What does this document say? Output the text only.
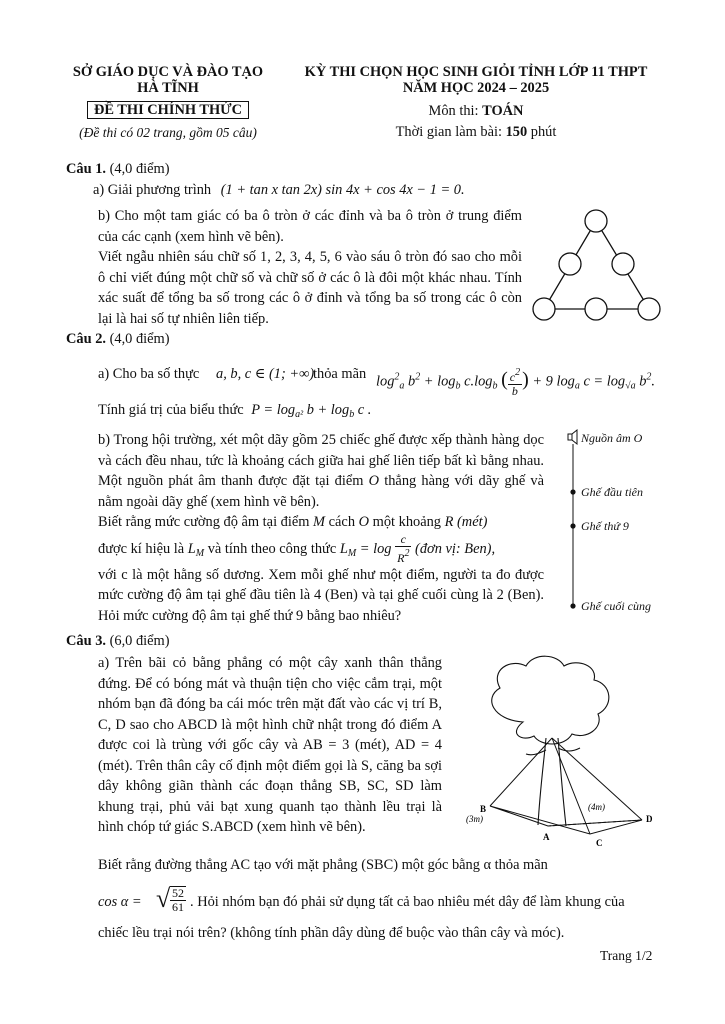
SỞ GIÁO DỤC VÀ ĐÀO TẠO
HÀ TĨNH
ĐỀ THI CHÍNH THỨC
(Đề thi có 02 trang, gồm 05 câu)
KỲ THI CHỌN HỌC SINH GIỎI TỈNH LỚP 11 THPT
NĂM HỌC 2024 – 2025
Môn thi: TOÁN
Thời gian làm bài: 150 phút
Câu 1. (4,0 điểm)
a) Giải phương trình (1 + tan x tan 2x) sin 4x + cos 4x − 1 = 0.
b) Cho một tam giác có ba ô tròn ở các đỉnh và ba ô tròn ở trung điểm của các cạnh (xem hình vẽ bên).
Viết ngẫu nhiên sáu chữ số 1, 2, 3, 4, 5, 6 vào sáu ô tròn đó sao cho mỗi ô chỉ viết đúng một chữ số và chữ số ở các ô là đôi một khác nhau. Tính xác suất để tổng ba số trong các ô ở đỉnh và tổng ba số trong các ô còn lại là hai số tự nhiên liên tiếp.
Câu 2. (4,0 điểm)
a) Cho ba số thực a, b, c ∈ (1; +∞)
thỏa mãn $\log^2_a b^2 + \log_b c.\log_b$ ( $\frac{c^2}{b}$ ) + 9 $\log_a c = \log_{√a} b^2$.
Tính giá trị của biểu thức $P = \log_{a^2} b + \log_b c$ .
b) Trong hội trường, xét một dãy gồm 25 chiếc ghế được xếp thành hàng dọc và cách đều nhau, tức là khoảng cách giữa hai ghế liên tiếp bất kì bằng nhau. Một nguồn phát âm thanh được đặt tại điểm O thẳng hàng với dãy ghế và nằm ngoài dãy ghế (xem hình vẽ bên).
Biết rằng mức cường độ âm tại điểm M cách O một khoảng R (mét)
được kí hiệu là $L_M$ và tính theo công thức $L_M = \log \frac{c}{R^2}$ (đơn vị: Ben),
với c là một hằng số dương. Xem mỗi ghế như một điểm, người ta đo được mức cường độ âm tại ghế đầu tiên là 4 (Ben) và tại ghế cuối cùng là 2 (Ben). Hỏi mức cường độ âm tại ghế thứ 9 bằng bao nhiêu?
Nguồn âm O
Ghế đầu tiên
Ghế thứ 9
Ghế cuối cùng
Câu 3. (6,0 điểm)
a) Trên bãi cỏ bằng phẳng có một cây xanh thân thẳng đứng. Để có bóng mát và thuận tiện cho việc cắm trại, một nhóm bạn đã đóng ba cái móc trên mặt đất vào các vị trí B, C, D sao cho ABCD là một hình chữ nhật trong đó điểm A được coi là trùng với gốc cây và AB = 3 (mét), AD = 4 (mét). Trên thân cây cố định một điểm gọi là S, căng ba sợi dây không giãn thành các đoạn thẳng SB, SC, SD làm khung trại, phủ vải bạt xung quanh tạo thành lều trại là hình chóp tứ giác S.ABCD (xem hình vẽ bên).	(3m)
(4m)
A
B
C
D
Biết rằng đường thẳng AC tạo với mặt phẳng (SBC) một góc bằng α thỏa mãn
cos α = √ $\frac{52}{61}$ . Hỏi nhóm bạn đó phải sử dụng tất cả bao nhiêu mét dây để làm khung của
chiếc lều trại nói trên? (không tính phần dây dùng để buộc vào thân cây và móc).
Trang 1/2
